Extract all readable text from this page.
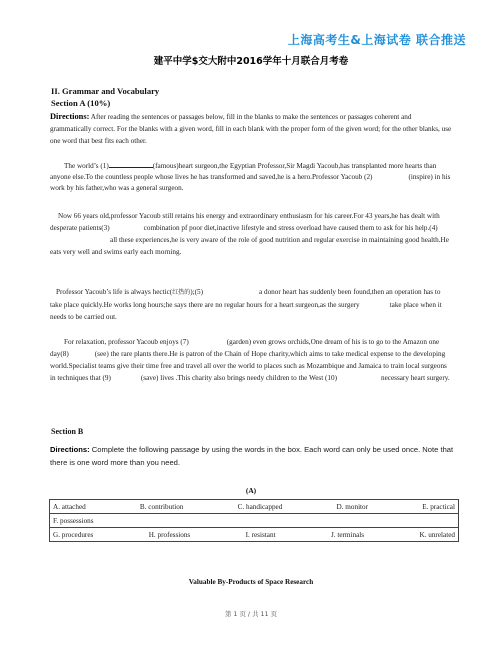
上海高考生&上海试卷 联合推送
建平中学$交大附中2016学年十月联合月考卷
II. Grammar and Vocabulary
Section A (10%)
Directions: After reading the sentences or passages below, fill in the blanks to make the sentences or passages coherent and grammatically correct. For the blanks with a given word, fill in each blank with the proper form of the given word; for the other blanks, use one word that best fits each other.
The world’s (1)	(famous)heart surgeon,the Egyptian Professor,Sir Magdi Yacoub,has transplanted more hearts than anyone else.To the countless people whose lives he has transformed and saved,he is a hero.Professor Yacoub (2)	(inspire) in his work by his father,who was a general surgeon.
Now 66 years old,professor Yacoub still retains his energy and extraordinary enthusiasm for his career.For 43 years,he has dealt with desperate patients(3)	combination pf poor diet,inactive lifestyle and stress overload have caused them to ask for his help.(4)all these experiences,he is very aware of the role of good nutrition and regular exercise in maintaining good health.He eats very well and swims early each morning.
Professor Yacoub’s life is always hectic(红热的);(5)	a donor heart has suddenly been found,then an operation has to take place quickly.He works long hours;he says there are no regular hours for a heart surgeon,as the surgery	take place when it needs to be carried out.
For relaxation, professor Yacoub enjoys (7)	(garden) even grows orchids,One dream of his is to go to the Amazon one day(8)	(see) the rare plants there.He is patron of the Chain of Hope charity,which aims to take medical expense to the developing world.Specialist teams give their time free and travel all over the world to places such as Mozambique and Jamaica to train local surgeons in techniques that (9)	(save) lives .This charity also brings needy children to the West (10)	necessary heart surgery.
Section B
Directions: Complete the following passage by using the words in the box. Each word can only be used once. Note that there is one word more than you need.
(A)
A. attached	B. contribution	C. handicapped	D. monitor	E. practical

F. possessions

G. procedures	H. professions	I. resistant	J. terminals	K. unrelated
Valuable By-Products of Space Research
第 1 页 / 共 11 页
